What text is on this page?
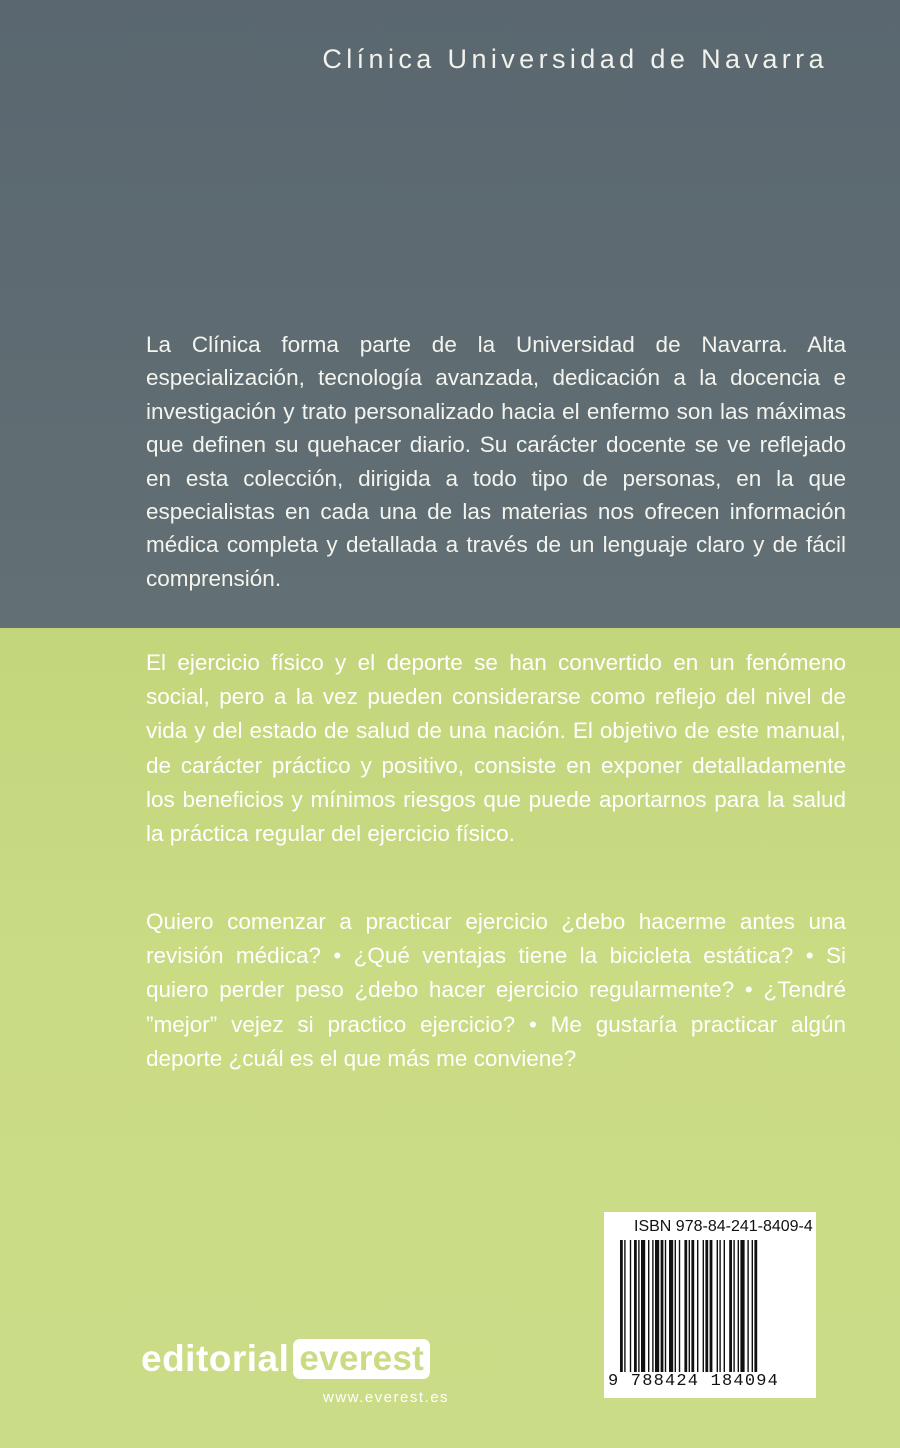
Clínica Universidad de Navarra

La Clínica forma parte de la Universidad de Navarra. Alta especialización, tecnología avanzada, dedicación a la docencia e investigación y trato personalizado hacia el enfermo son las máximas que definen su quehacer diario. Su carácter docente se ve reflejado en esta colección, dirigida a todo tipo de personas, en la que especialistas en cada una de las materias nos ofrecen información médica completa y detallada a través de un lenguaje claro y de fácil comprensión.

El ejercicio físico y el deporte se han convertido en un fenómeno social, pero a la vez pueden considerarse como reflejo del nivel de vida y del estado de salud de una nación. El objetivo de este manual, de carácter práctico y positivo, consiste en exponer detalladamente los beneficios y mínimos riesgos que puede aportarnos para la salud la práctica regular del ejercicio físico.

Quiero comenzar a practicar ejercicio ¿debo hacerme antes una revisión médica? • ¿Qué ventajas tiene la bicicleta estática? • Si quiero perder peso ¿debo hacer ejercicio regularmente? • ¿Tendré ”mejor” vejez si practico ejercicio? • Me gustaría practicar algún deporte ¿cuál es el que más me conviene?

ISBN 978-84-241-8409-4
9 788424 184094
editorial everest
www.everest.es
